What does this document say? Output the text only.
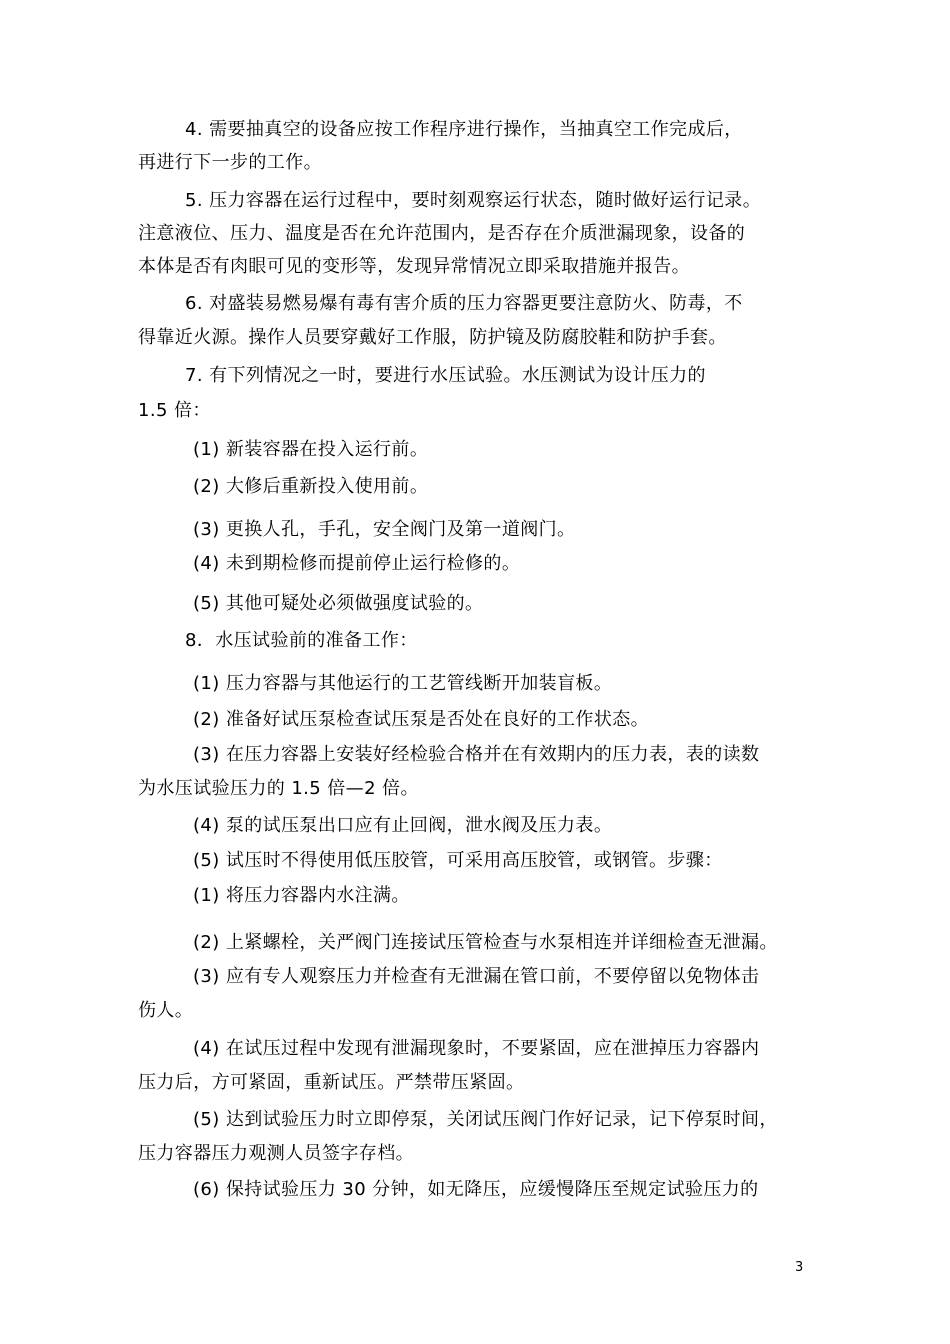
4. 需要抽真空的设备应按工作程序进行操作，当抽真空工作完成后，
再进行下一步的工作。
5. 压力容器在运行过程中，要时刻观察运行状态，随时做好运行记录。
注意液位、压力、温度是否在允许范围内，是否存在介质泄漏现象，设备的
本体是否有肉眼可见的变形等，发现异常情况立即采取措施并报告。
6. 对盛装易燃易爆有毒有害介质的压力容器更要注意防火、防毒，不
得靠近火源。操作人员要穿戴好工作服，防护镜及防腐胶鞋和防护手套。
7. 有下列情况之一时，要进行水压试验。水压测试为设计压力的
1.5 倍：
(1) 新装容器在投入运行前。
(2) 大修后重新投入使用前。
(3) 更换人孔，手孔，安全阀门及第一道阀门。
(4) 未到期检修而提前停止运行检修的。
(5) 其他可疑处必须做强度试验的。
8．水压试验前的准备工作：
(1) 压力容器与其他运行的工艺管线断开加装盲板。
(2) 准备好试压泵检查试压泵是否处在良好的工作状态。
(3) 在压力容器上安装好经检验合格并在有效期内的压力表，表的读数
为水压试验压力的 1.5 倍—2 倍。
(4) 泵的试压泵出口应有止回阀，泄水阀及压力表。
(5) 试压时不得使用低压胶管，可采用高压胶管，或钢管。步骤：
(1) 将压力容器内水注满。
(2) 上紧螺栓，关严阀门连接试压管检查与水泵相连并详细检查无泄漏。
(3) 应有专人观察压力并检查有无泄漏在管口前，不要停留以免物体击
伤人。
(4) 在试压过程中发现有泄漏现象时，不要紧固，应在泄掉压力容器内
压力后，方可紧固，重新试压。严禁带压紧固。
(5) 达到试验压力时立即停泵，关闭试压阀门作好记录，记下停泵时间，
压力容器压力观测人员签字存档。
(6) 保持试验压力 30 分钟，如无降压，应缓慢降压至规定试验压力的
3
